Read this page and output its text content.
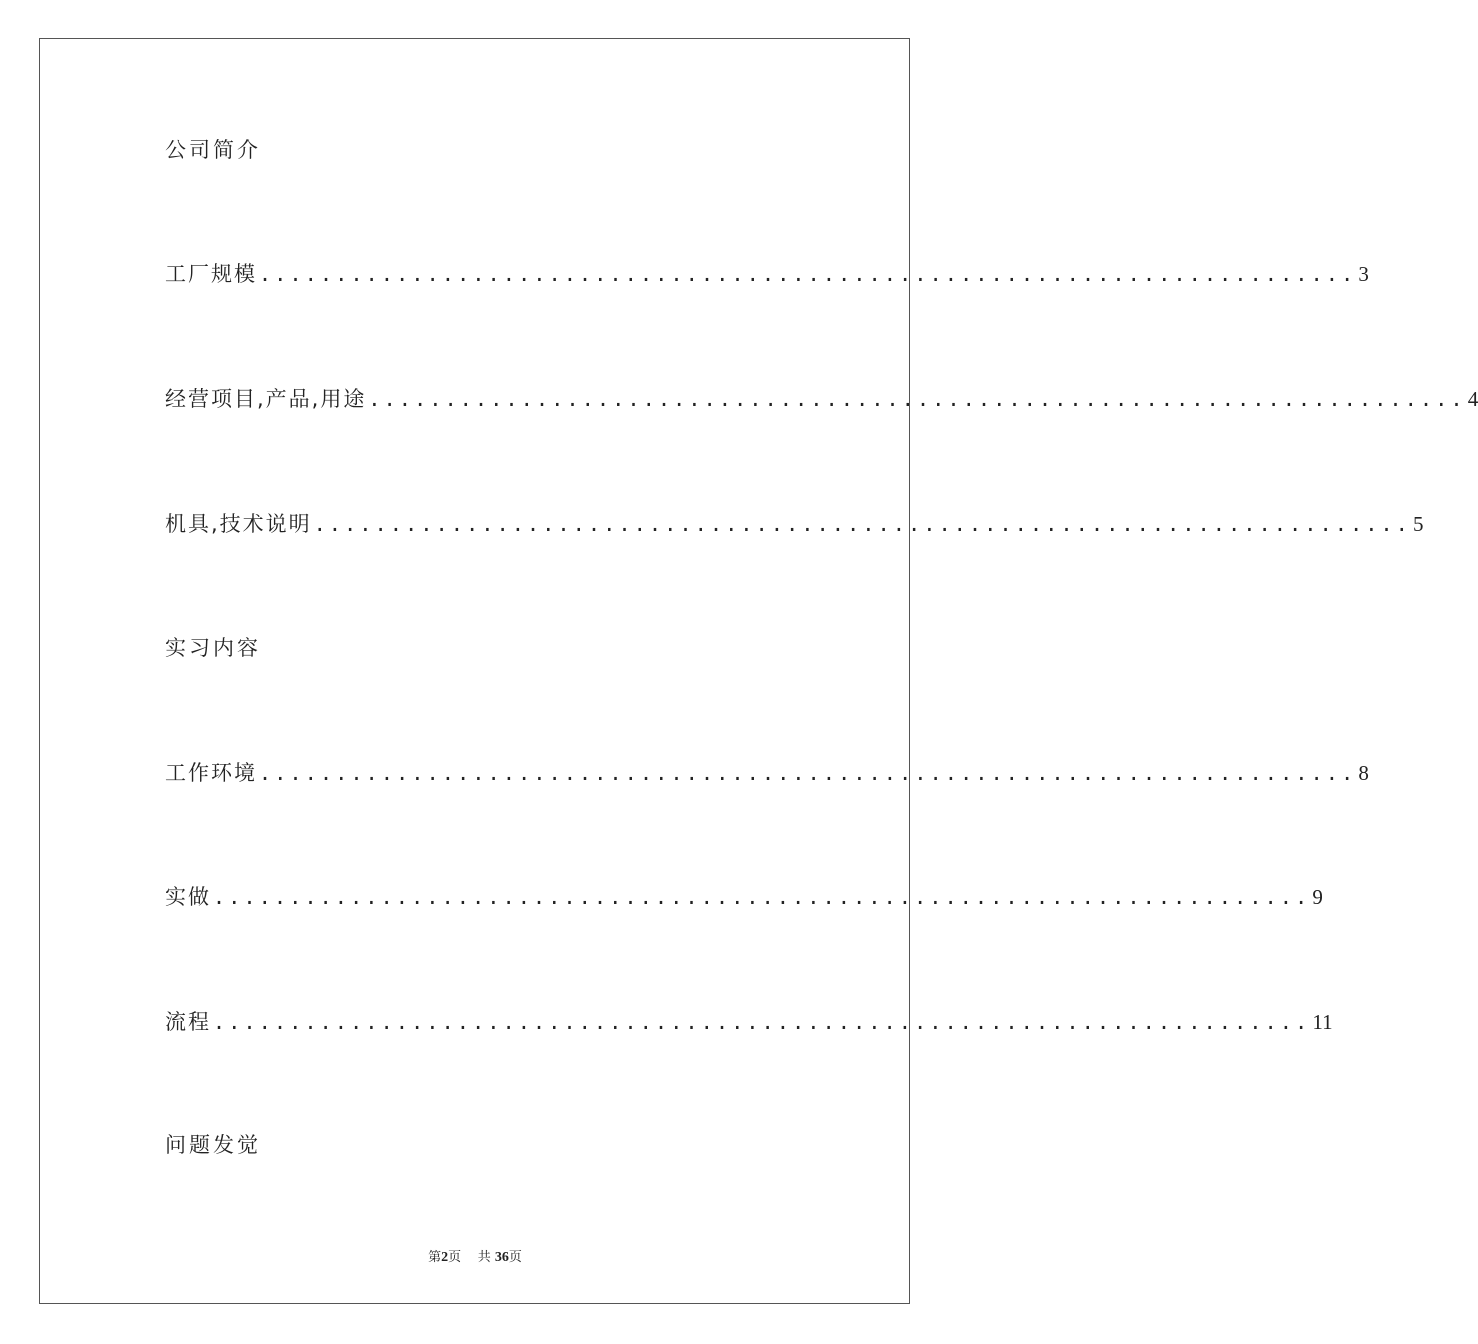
公司简介
工厂规模 ........................................................................ 3
经营项目,产品,用途 ........................................................................ 4
机具,技术说明 ........................................................................ 5
实习内容
工作环境 ........................................................................ 8
实做 ........................................................................ 9
流程 ........................................................................ 11
问题发觉
第2页 共 36页
